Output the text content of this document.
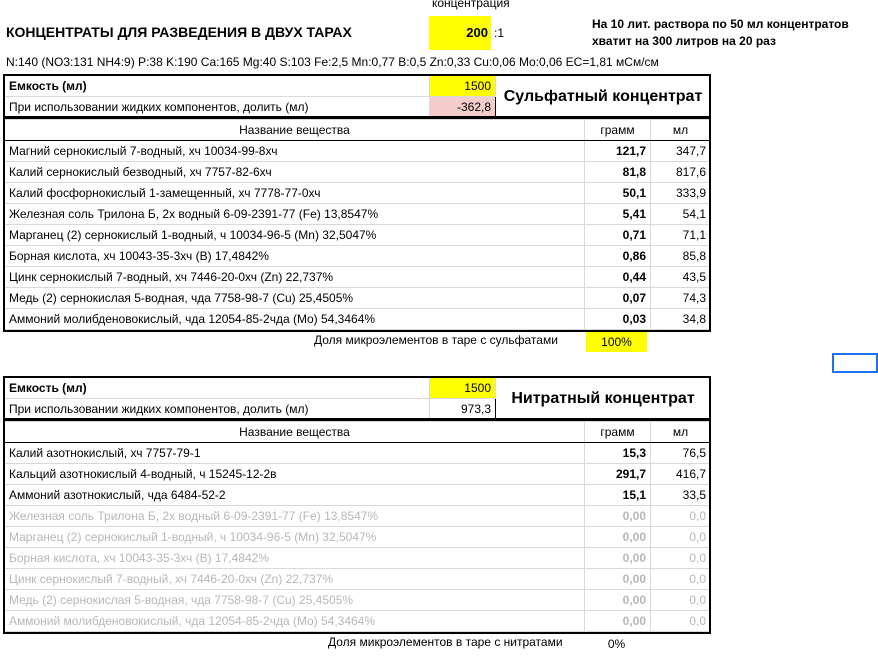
концентрация
КОНЦЕНТРАТЫ ДЛЯ РАЗВЕДЕНИЯ В ДВУХ ТАРАХ	200 :1
На 10 лит. раствора по 50 мл концентратов
хватит на 300 литров на 20 раз
N:140 (NO3:131 NH4:9) P:38 K:190 Ca:165 Mg:40 S:103 Fe:2,5 Mn:0,77 B:0,5 Zn:0,33 Cu:0,06 Mo:0,06 EC=1,81 мСм/см
Емкость (мл)	1500	Сульфатный концентрат
При использовании жидких компонентов, долить (мл)	-362,8	
Название вещества	грамм	мл
Магний сернокислый 7-водный, хч 10034-99-8хч	121,7	347,7
Калий сернокислый безводный, хч 7757-82-6хч	81,8	817,6
Калий фосфорнокислый 1-замещенный, хч 7778-77-0хч	50,1	333,9
Железная соль Трилона Б, 2х водный 6-09-2391-77 (Fe) 13,8547%	5,41	54,1
Марганец (2) сернокислый 1-водный, ч 10034-96-5 (Mn) 32,5047%	0,71	71,1
Борная кислота, хч 10043-35-3хч (B) 17,4842%	0,86	85,8
Цинк сернокислый 7-водный, хч 7446-20-0хч (Zn) 22,737%	0,44	43,5
Медь (2) сернокислая 5-водная, чда 7758-98-7 (Cu) 25,4505%	0,07	74,3
Аммоний молибденовокислый, чда 12054-85-2чда (Mo) 54,3464%	0,03	34,8
Доля микроэлементов в таре с сульфатами	100%
Емкость (мл)	1500	Нитратный концентрат
При использовании жидких компонентов, долить (мл)	973,3	
Название вещества	грамм	мл
Калий азотнокислый, хч 7757-79-1	15,3	76,5
Кальций азотнокислый 4-водный, ч 15245-12-2в	291,7	416,7
Аммоний азотнокислый, чда 6484-52-2	15,1	33,5
Железная соль Трилона Б, 2х водный 6-09-2391-77 (Fe) 13,8547%	0,00	0,0
Марганец (2) сернокислый 1-водный, ч 10034-96-5 (Mn) 32,5047%	0,00	0,0
Борная кислота, хч 10043-35-3хч (B) 17,4842%	0,00	0,0
Цинк сернокислый 7-водный, хч 7446-20-0хч (Zn) 22,737%	0,00	0,0
Медь (2) сернокислая 5-водная, чда 7758-98-7 (Cu) 25,4505%	0,00	0,0
Аммоний молибденовокислый, чда 12054-85-2чда (Mo) 54,3464%	0,00	0,0
Доля микроэлементов в таре с нитратами	0%
